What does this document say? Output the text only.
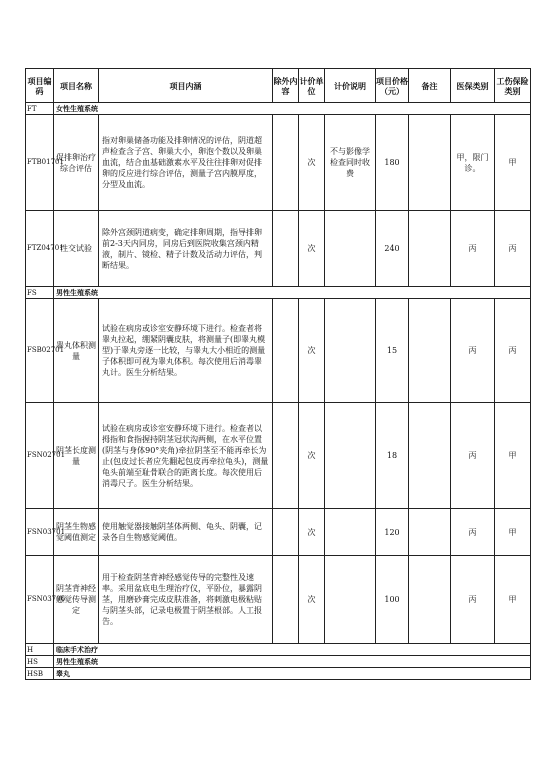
项目编码	项目名称	项目内涵	除外内容	计价单位	计价说明	项目价格（元）	备注	医保类别	工伤保险类别
FT	女性生殖系统								
FTB01701	促排卵治疗综合评估	指对卵巢储备功能及排卵情况的评估，阴道超声检查含子宫、卵巢大小，卵泡个数以及卵巢血流，结合血基础激素水平及往往排卵对促排卵的反应进行综合评估，测量子宫内膜厚度，分型及血流。		次	不与影像学检查同时收费	180		甲，限门诊。	甲
FTZ04701	性交试验	除外宫颈阴道病变，确定排卵周期，指导排卵前2-3天内同房，同房后到医院收集宫颈内精液，制片、镜检、精子计数及活动力评估，判断结果。		次		240		丙	丙
FS	男性生殖系统								
FSB02701	睾丸体积测量	试验在病房或诊室安静环境下进行。检查者将睾丸拉起，绷紧阴囊皮肤，将测量子(即睾丸模型)于睾丸旁逐一比较，与睾丸大小相近的测量子体积即可视为睾丸体积。每次使用后消毒睾丸计。医生分析结果。		次		15		丙	丙
FSN02701	阴茎长度测量	试验在病房或诊室安静环境下进行。检查者以拇指和食指握持阴茎冠状沟两侧，在水平位置(阴茎与身体90°夹角)牵拉阴茎至不能再牵长为止(包皮过长者应先翻起包皮再牵拉龟头)，测量龟头前端至耻骨联合的距离长度。每次使用后消毒尺子。医生分析结果。		次		18		丙	甲
FSN03701	阴茎生物感觉阈值测定	使用触觉器接触阴茎体两侧、龟头、阴囊，记录各自生物感觉阈值。		次		120		丙	甲
FSN03706	阴茎背神经感觉传导测定	用于检查阴茎背神经感觉传导的完整性及速率。采用盆底电生理治疗仪，平卧位，暴露阴茎，用磨砂膏完成皮肤准备，将刺激电极粘贴与阴茎头部，记录电极置于阴茎根部。人工报告。		次		100		丙	甲
H	临床手术治疗								
HS	男性生殖系统								
HSB	睾丸								
